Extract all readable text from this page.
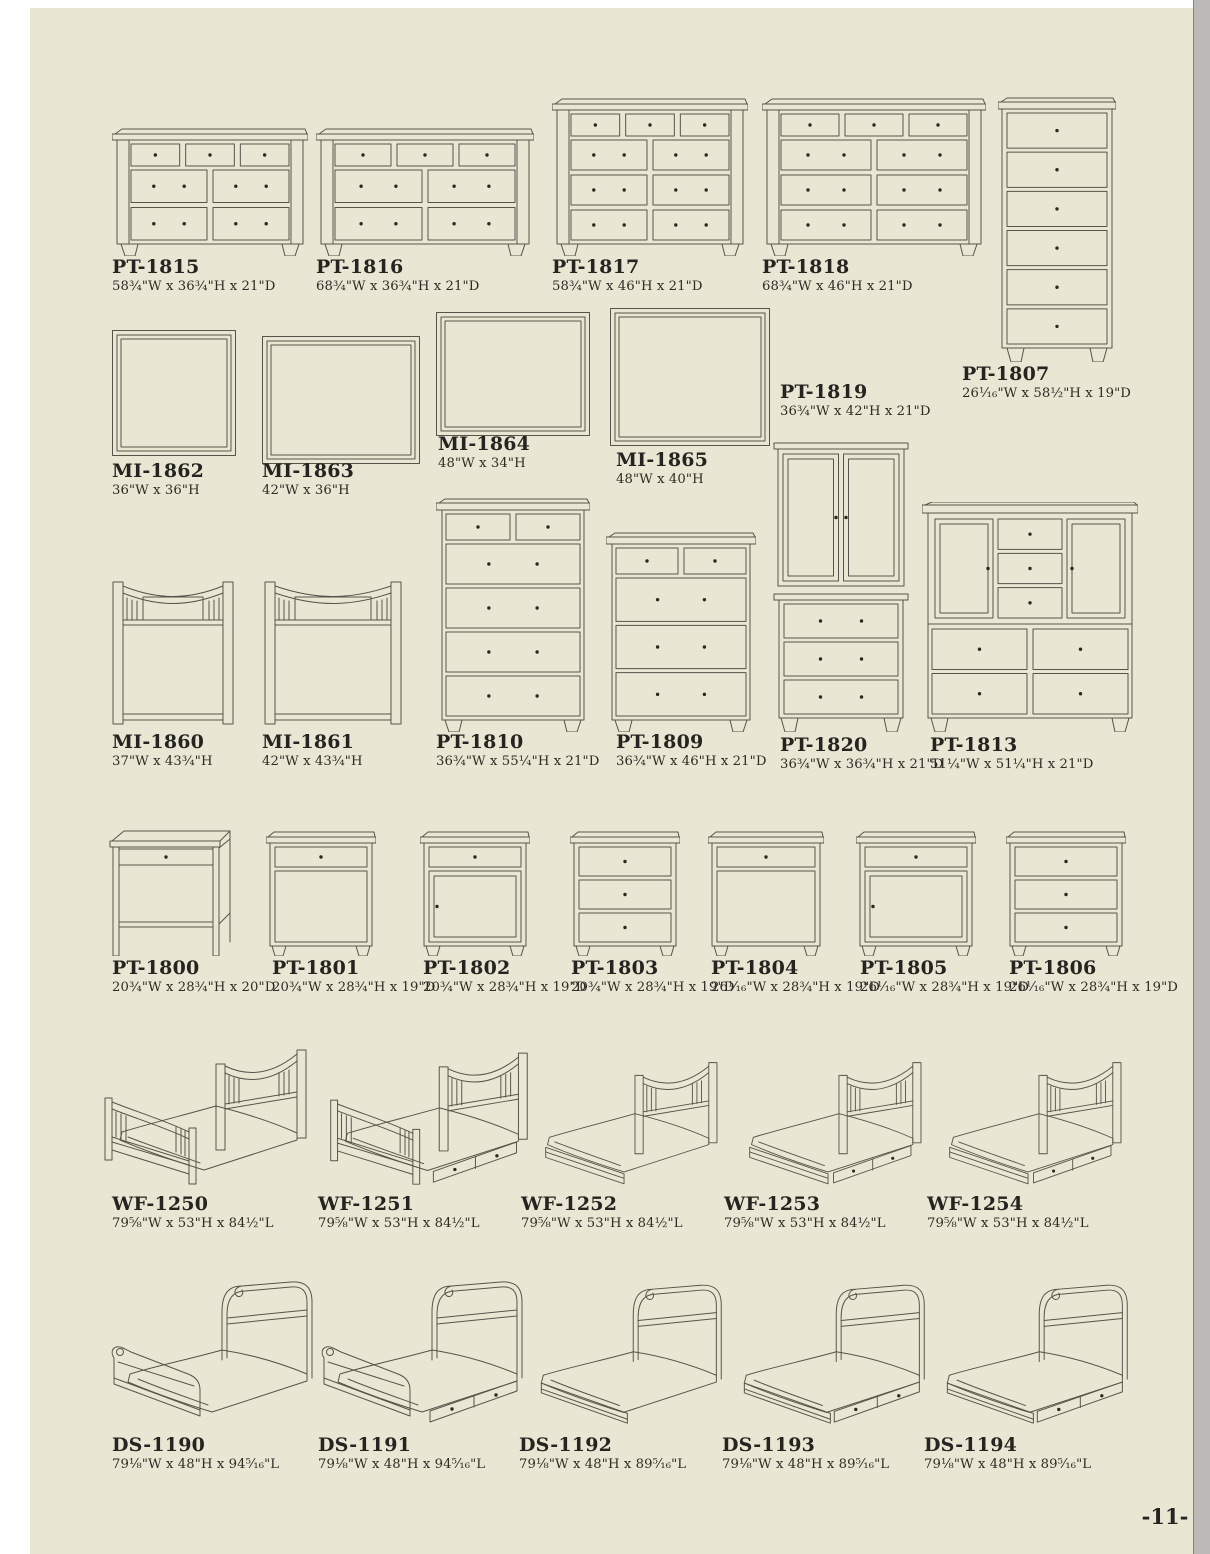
PT-1815
58¾"W x 36¾"H x 21"D
PT-1816
68¾"W x 36¾"H x 21"D
PT-1817
58¾"W x 46"H x 21"D
PT-1818
68¾"W x 46"H x 21"D
PT-1807
26¹⁄₁₆"W x 58½"H x 19"D
MI-1862
36"W x 36"H
MI-1863
42"W x 36"H
MI-1864
48"W x 34"H	MI-1865
48"W x 40"H
PT-1819
36¾"W x 42"H x 21"D
MI-1860
37"W x 43¾"H
MI-1861
42"W x 43¾"H
PT-1810
36¾"W x 55¼"H x 21"D
PT-1809
36¾"W x 46"H x 21"D
PT-1820
36¾"W x 36¾"H x 21"D
PT-1813
51¼"W x 51¼"H x 21"D
PT-1800
20¾"W x 28¾"H x 20"D
PT-1801
20¾"W x 28¾"H x 19"D
PT-1802
20¾"W x 28¾"H x 19"D
PT-1803
20¾"W x 28¾"H x 19"D
PT-1804
26¹⁄₁₆"W x 28¾"H x 19"D
PT-1805
26¹⁄₁₆"W x 28¾"H x 19"D
PT-1806
26¹⁄₁₆"W x 28¾"H x 19"D
WF-1250
79⅝"W x 53"H x 84½"L
WF-1251
79⅝"W x 53"H x 84½"L
WF-1252
79⅝"W x 53"H x 84½"L
WF-1253
79⅝"W x 53"H x 84½"L
WF-1254
79⅝"W x 53"H x 84½"L
DS-1190
79⅛"W x 48"H x 94⁵⁄₁₆"L
DS-1191
79⅛"W x 48"H x 94⁵⁄₁₆"L
DS-1192
79⅛"W x 48"H x 89⁵⁄₁₆"L
DS-1193
79⅛"W x 48"H x 89⁵⁄₁₆"L
DS-1194
79⅛"W x 48"H x 89⁵⁄₁₆"L
-11-
